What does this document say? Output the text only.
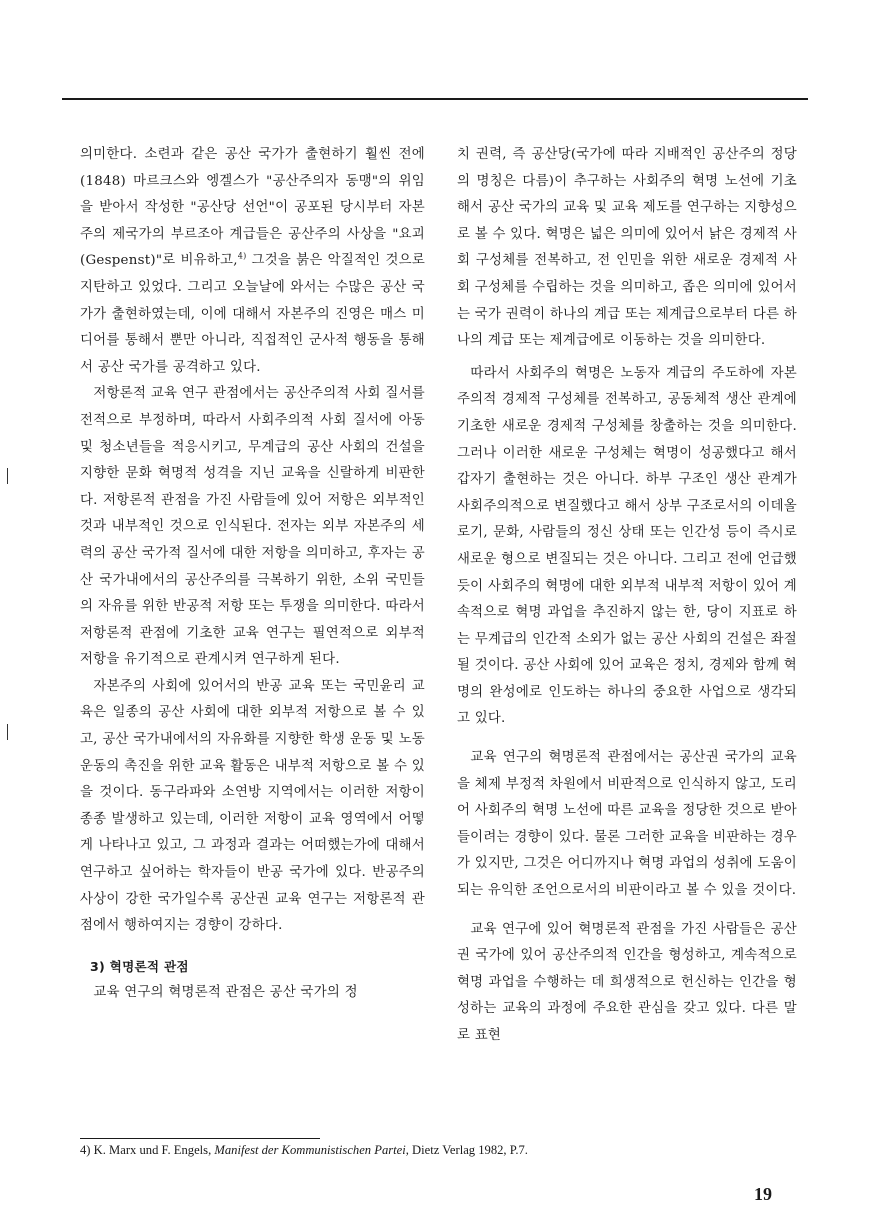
의미한다. 소련과 같은 공산 국가가 출현하기 훨씬 전에(1848) 마르크스와 엥겔스가 "공산주의자 동맹"의 위임을 받아서 작성한 "공산당 선언"이 공포된 당시부터 자본주의 제국가의 부르조아 계급들은 공산주의 사상을 "요괴(Gespenst)"로 비유하고,$^{4)}$ 그것을 붉은 악질적인 것으로 지탄하고 있었다. 그리고 오늘날에 와서는 수많은 공산 국가가 출현하였는데, 이에 대해서 자본주의 진영은 매스 미디어를 통해서 뿐만 아니라, 직접적인 군사적 행동을 통해서 공산 국가를 공격하고 있다.

저항론적 교육 연구 관점에서는 공산주의적 사회 질서를 전적으로 부정하며, 따라서 사회주의적 사회 질서에 아동 및 청소년들을 적응시키고, 무계급의 공산 사회의 건설을 지향한 문화 혁명적 성격을 지닌 교육을 신랄하게 비판한다. 저항론적 관점을 가진 사람들에 있어 저항은 외부적인 것과 내부적인 것으로 인식된다. 전자는 외부 자본주의 세력의 공산 국가적 질서에 대한 저항을 의미하고, 후자는 공산 국가내에서의 공산주의를 극복하기 위한, 소위 국민들의 자유를 위한 반공적 저항 또는 투쟁을 의미한다. 따라서 저항론적 관점에 기초한 교육 연구는 필연적으로 외부적 저항을 유기적으로 관계시켜 연구하게 된다.

자본주의 사회에 있어서의 반공 교육 또는 국민윤리 교육은 일종의 공산 사회에 대한 외부적 저항으로 볼 수 있고, 공산 국가내에서의 자유화를 지향한 학생 운동 및 노동 운동의 촉진을 위한 교육 활동은 내부적 저항으로 볼 수 있을 것이다. 동구라파와 소연방 지역에서는 이러한 저항이 종종 발생하고 있는데, 이러한 저항이 교육 영역에서 어떻게 나타나고 있고, 그 과정과 결과는 어떠했는가에 대해서 연구하고 싶어하는 학자들이 반공 국가에 있다. 반공주의 사상이 강한 국가일수록 공산권 교육 연구는 저항론적 관점에서 행하여지는 경향이 강하다.

3) 혁명론적 관점

교육 연구의 혁명론적 관점은 공산 국가의 정

치 권력, 즉 공산당(국가에 따라 지배적인 공산주의 정당의 명칭은 다름)이 추구하는 사회주의 혁명 노선에 기초해서 공산 국가의 교육 및 교육 제도를 연구하는 지향성으로 볼 수 있다. 혁명은 넓은 의미에 있어서 낡은 경제적 사회 구성체를 전복하고, 전 인민을 위한 새로운 경제적 사회 구성체를 수립하는 것을 의미하고, 좁은 의미에 있어서는 국가 권력이 하나의 계급 또는 제계급으로부터 다른 하나의 계급 또는 제계급에로 이동하는 것을 의미한다.

따라서 사회주의 혁명은 노동자 계급의 주도하에 자본주의적 경제적 구성체를 전복하고, 공동체적 생산 관계에 기초한 새로운 경제적 구성체를 창출하는 것을 의미한다. 그러나 이러한 새로운 구성체는 혁명이 성공했다고 해서 갑자기 출현하는 것은 아니다. 하부 구조인 생산 관계가 사회주의적으로 변질했다고 해서 상부 구조로서의 이데올로기, 문화, 사람들의 정신 상태 또는 인간성 등이 즉시로 새로운 형으로 변질되는 것은 아니다. 그리고 전에 언급했듯이 사회주의 혁명에 대한 외부적 내부적 저항이 있어 계속적으로 혁명 과업을 추진하지 않는 한, 당이 지표로 하는 무계급의 인간적 소외가 없는 공산 사회의 건설은 좌절될 것이다. 공산 사회에 있어 교육은 정치, 경제와 함께 혁명의 완성에로 인도하는 하나의 중요한 사업으로 생각되고 있다.

교육 연구의 혁명론적 관점에서는 공산권 국가의 교육을 체제 부정적 차원에서 비판적으로 인식하지 않고, 도리어 사회주의 혁명 노선에 따른 교육을 정당한 것으로 받아들이려는 경향이 있다. 물론 그러한 교육을 비판하는 경우가 있지만, 그것은 어디까지나 혁명 과업의 성취에 도움이 되는 유익한 조언으로서의 비판이라고 볼 수 있을 것이다.

교육 연구에 있어 혁명론적 관점을 가진 사람들은 공산권 국가에 있어 공산주의적 인간을 형성하고, 계속적으로 혁명 과업을 수행하는 데 희생적으로 헌신하는 인간을 형성하는 교육의 과정에 주요한 관심을 갖고 있다. 다른 말로 표현

4) K. Marx und F. Engels, Manifest der Kommunistischen Partei, Dietz Verlag 1982, P.7.
19
